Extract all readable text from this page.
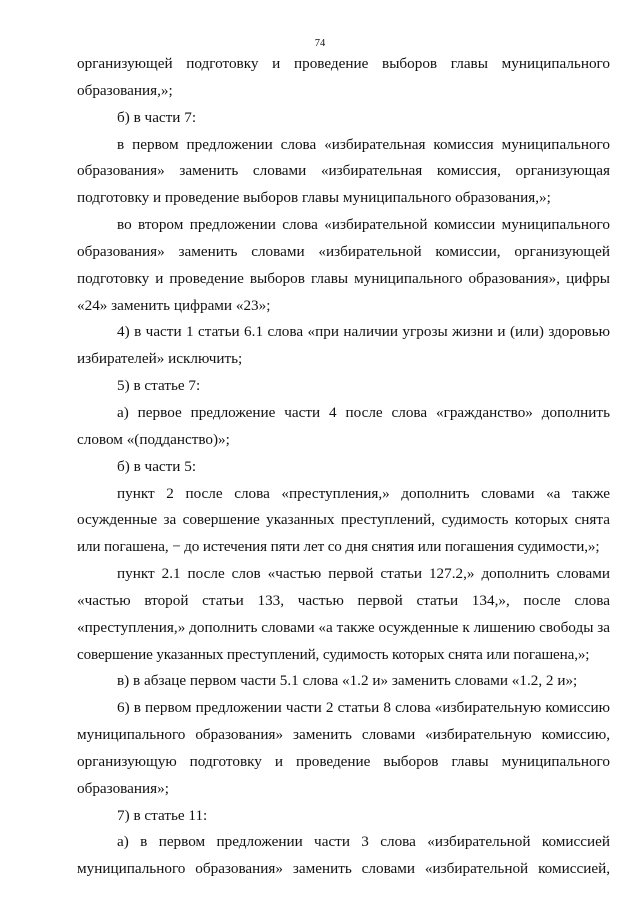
74

организующей подготовку и проведение выборов главы муниципального
образования,»;

б) в части 7:

в первом предложении слова «избирательная комиссия муниципального
образования» заменить словами «избирательная комиссия, организующая
подготовку и проведение выборов главы муниципального образования,»;

во втором предложении слова «избирательной комиссии муниципального
образования» заменить словами «избирательной комиссии, организующей
подготовку и проведение выборов главы муниципального образования», цифры
«24» заменить цифрами «23»;

4) в части 1 статьи 6.1 слова «при наличии угрозы жизни и (или) здоровью
избирателей» исключить;

5) в статье 7:

а) первое предложение части 4 после слова «гражданство» дополнить
словом «(подданство)»;

б) в части 5:

пункт 2 после слова «преступления,» дополнить словами «а также
осужденные за совершение указанных преступлений, судимость которых снята
или погашена, − до истечения пяти лет со дня снятия или погашения судимости,»;

пункт 2.1 после слов «частью первой статьи 127.2,» дополнить словами
«частью второй статьи 133, частью первой статьи 134,», после слова
«преступления,» дополнить словами «а также осужденные к лишению свободы за
совершение указанных преступлений, судимость которых снята или погашена,»;

в) в абзаце первом части 5.1 слова «1.2 и» заменить словами «1.2, 2 и»;

6) в первом предложении части 2 статьи 8 слова «избирательную комиссию
муниципального образования» заменить словами «избирательную комиссию,
организующую подготовку и проведение выборов главы муниципального
образования»;

7) в статье 11:

а) в первом предложении части 3 слова «избирательной комиссией
муниципального образования» заменить словами «избирательной комиссией,
